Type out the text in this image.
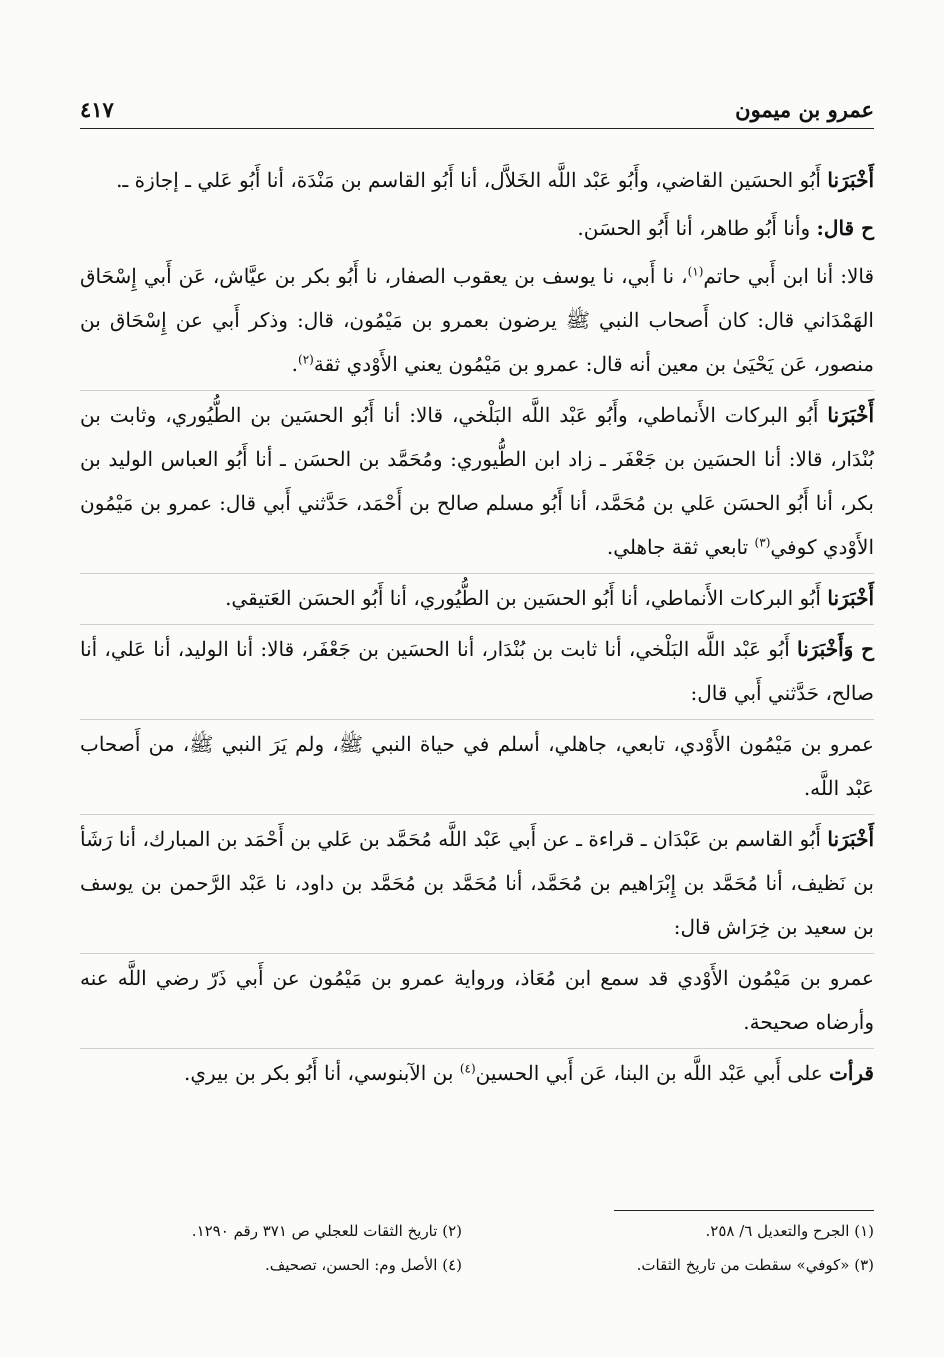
عمرو بن ميمون
٤١٧

أَخْبَرَنا أَبُو الحسَين القاضي، وأَبُو عَبْد اللَّه الخَلاَّل، أنا أَبُو القاسم بن مَنْدَة، أنا أَبُو عَلي ـ إجازة ـ.

ح قال: وأنا أَبُو طاهر، أنا أَبُو الحسَن.

قالا: أنا ابن أَبي حاتم$^{(١)}$، نا أَبي، نا يوسف بن يعقوب الصفار، نا أَبُو بكر بن عيَّاش، عَن أَبي إِسْحَاق الهَمْدَاني قال: كان أَصحاب النبي ﷺ يرضون بعمرو بن مَيْمُون، قال: وذكر أَبي عن إِسْحَاق بن منصور، عَن يَحْيَىٰ بن معين أنه قال: عمرو بن مَيْمُون يعني الأَوْدي ثقة$^{(٢)}$.

أَخْبَرَنا أَبُو البركات الأَنماطي، وأَبُو عَبْد اللَّه البَلْخي، قالا: أنا أَبُو الحسَين بن الطُّيُوري، وثابت بن بُنْدَار، قالا: أنا الحسَين بن جَعْفَر ـ زاد ابن الطُّيوري: ومُحَمَّد بن الحسَن ـ أنا أَبُو العباس الوليد بن بكر، أنا أَبُو الحسَن عَلي بن مُحَمَّد، أنا أَبُو مسلم صالح بن أَحْمَد، حَدَّثني أَبي قال: عمرو بن مَيْمُون الأَوْدي كوفي$^{(٣)}$ تابعي ثقة جاهلي.

أَخْبَرَنا أَبُو البركات الأَنماطي، أنا أَبُو الحسَين بن الطُّيُوري، أنا أَبُو الحسَن العَتيقي.

ح وَأَخْبَرَنا أَبُو عَبْد اللَّه البَلْخي، أنا ثابت بن بُنْدَار، أنا الحسَين بن جَعْفَر، قالا: أنا الوليد، أنا عَلي، أنا صالح، حَدَّثني أَبي قال:

عمرو بن مَيْمُون الأَوْدي، تابعي، جاهلي، أسلم في حياة النبي ﷺ، ولم يَرَ النبي ﷺ، من أَصحاب عَبْد اللَّه.

أَخْبَرَنا أَبُو القاسم بن عَبْدَان ـ قراءة ـ عن أَبي عَبْد اللَّه مُحَمَّد بن عَلي بن أَحْمَد بن المبارك، أنا رَشَأ بن نَظيف، أنا مُحَمَّد بن إِبْرَاهيم بن مُحَمَّد، أنا مُحَمَّد بن مُحَمَّد بن داود، نا عَبْد الرَّحمن بن يوسف بن سعيد بن خِرَاش قال:

عمرو بن مَيْمُون الأَوْدي قد سمع ابن مُعَاذ، ورواية عمرو بن مَيْمُون عن أَبي ذَرّ رضي اللَّه عنه وأرضاه صحيحة.

قرأت على أَبي عَبْد اللَّه بن البنا، عَن أَبي الحسين$^{(٤)}$ بن الآبنوسي، أنا أَبُو بكر بن بيري.

(١) الجرح والتعديل ٦/ ٢٥٨.
(٢) تاريخ الثقات للعجلي ص ٣٧١ رقم ١٢٩٠.
(٣) «كوفي» سقطت من تاريخ الثقات.
(٤) الأصل وم: الحسن، تصحيف.
